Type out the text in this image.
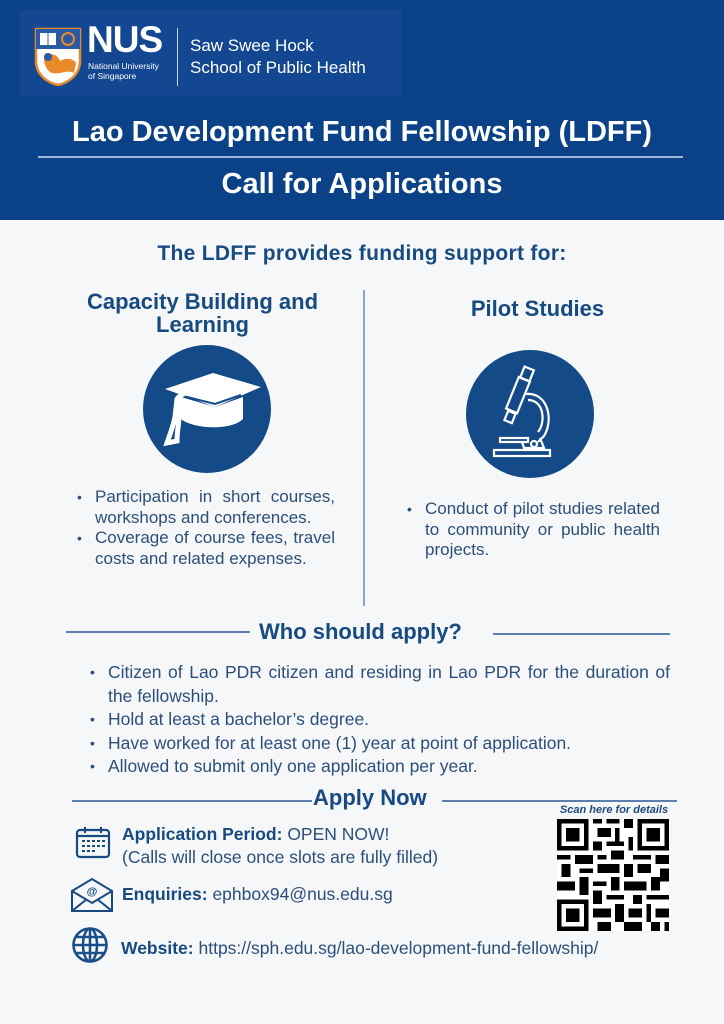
NUS
National University
of Singapore
Saw Swee Hock
School of Public Health
Lao Development Fund Fellowship (LDFF)
Call for Applications
The LDFF provides funding support for:
Capacity Building and
Learning
Pilot Studies
• Participation in short courses, workshops and conferences.
• Coverage of course fees, travel costs and related expenses.
• Conduct of pilot studies related to community or public health projects.
Who should apply?
• Citizen of Lao PDR citizen and residing in Lao PDR for the duration of the fellowship.
• Hold at least a bachelor’s degree.
• Have worked for at least one (1) year at point of application.
• Allowed to submit only one application per year.
Apply Now
Application Period: OPEN NOW!
(Calls will close once slots are fully filled)
@ Enquiries: ephbox94@nus.edu.sg
Website: https://sph.edu.sg/lao-development-fund-fellowship/
Scan here for details
